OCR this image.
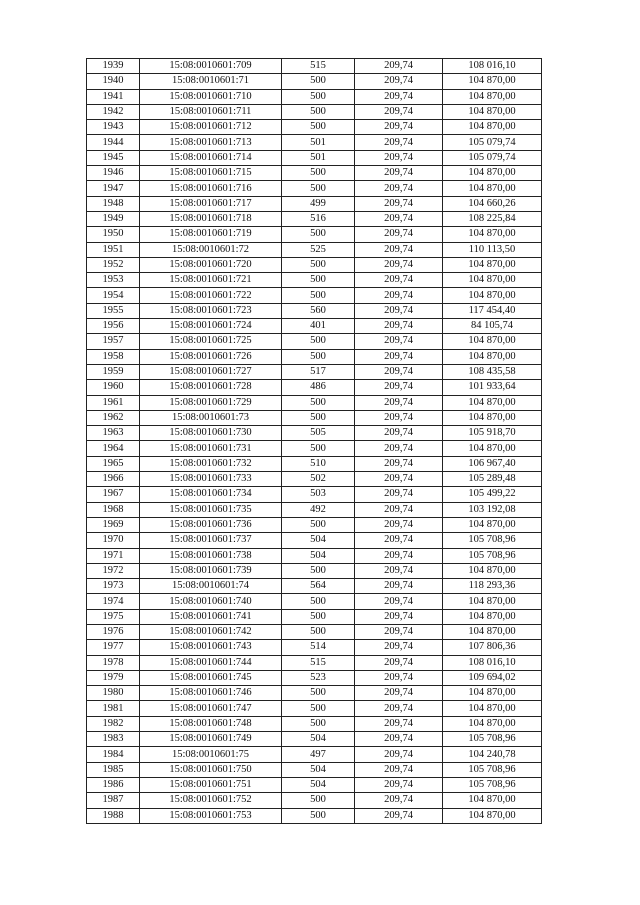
1939	15:08:0010601:709	515	209,74	108 016,10
1940	15:08:0010601:71	500	209,74	104 870,00
1941	15:08:0010601:710	500	209,74	104 870,00
1942	15:08:0010601:711	500	209,74	104 870,00
1943	15:08:0010601:712	500	209,74	104 870,00
1944	15:08:0010601:713	501	209,74	105 079,74
1945	15:08:0010601:714	501	209,74	105 079,74
1946	15:08:0010601:715	500	209,74	104 870,00
1947	15:08:0010601:716	500	209,74	104 870,00
1948	15:08:0010601:717	499	209,74	104 660,26
1949	15:08:0010601:718	516	209,74	108 225,84
1950	15:08:0010601:719	500	209,74	104 870,00
1951	15:08:0010601:72	525	209,74	110 113,50
1952	15:08:0010601:720	500	209,74	104 870,00
1953	15:08:0010601:721	500	209,74	104 870,00
1954	15:08:0010601:722	500	209,74	104 870,00
1955	15:08:0010601:723	560	209,74	117 454,40
1956	15:08:0010601:724	401	209,74	84 105,74
1957	15:08:0010601:725	500	209,74	104 870,00
1958	15:08:0010601:726	500	209,74	104 870,00
1959	15:08:0010601:727	517	209,74	108 435,58
1960	15:08:0010601:728	486	209,74	101 933,64
1961	15:08:0010601:729	500	209,74	104 870,00
1962	15:08:0010601:73	500	209,74	104 870,00
1963	15:08:0010601:730	505	209,74	105 918,70
1964	15:08:0010601:731	500	209,74	104 870,00
1965	15:08:0010601:732	510	209,74	106 967,40
1966	15:08:0010601:733	502	209,74	105 289,48
1967	15:08:0010601:734	503	209,74	105 499,22
1968	15:08:0010601:735	492	209,74	103 192,08
1969	15:08:0010601:736	500	209,74	104 870,00
1970	15:08:0010601:737	504	209,74	105 708,96
1971	15:08:0010601:738	504	209,74	105 708,96
1972	15:08:0010601:739	500	209,74	104 870,00
1973	15:08:0010601:74	564	209,74	118 293,36
1974	15:08:0010601:740	500	209,74	104 870,00
1975	15:08:0010601:741	500	209,74	104 870,00
1976	15:08:0010601:742	500	209,74	104 870,00
1977	15:08:0010601:743	514	209,74	107 806,36
1978	15:08:0010601:744	515	209,74	108 016,10
1979	15:08:0010601:745	523	209,74	109 694,02
1980	15:08:0010601:746	500	209,74	104 870,00
1981	15:08:0010601:747	500	209,74	104 870,00
1982	15:08:0010601:748	500	209,74	104 870,00
1983	15:08:0010601:749	504	209,74	105 708,96
1984	15:08:0010601:75	497	209,74	104 240,78
1985	15:08:0010601:750	504	209,74	105 708,96
1986	15:08:0010601:751	504	209,74	105 708,96
1987	15:08:0010601:752	500	209,74	104 870,00
1988	15:08:0010601:753	500	209,74	104 870,00
